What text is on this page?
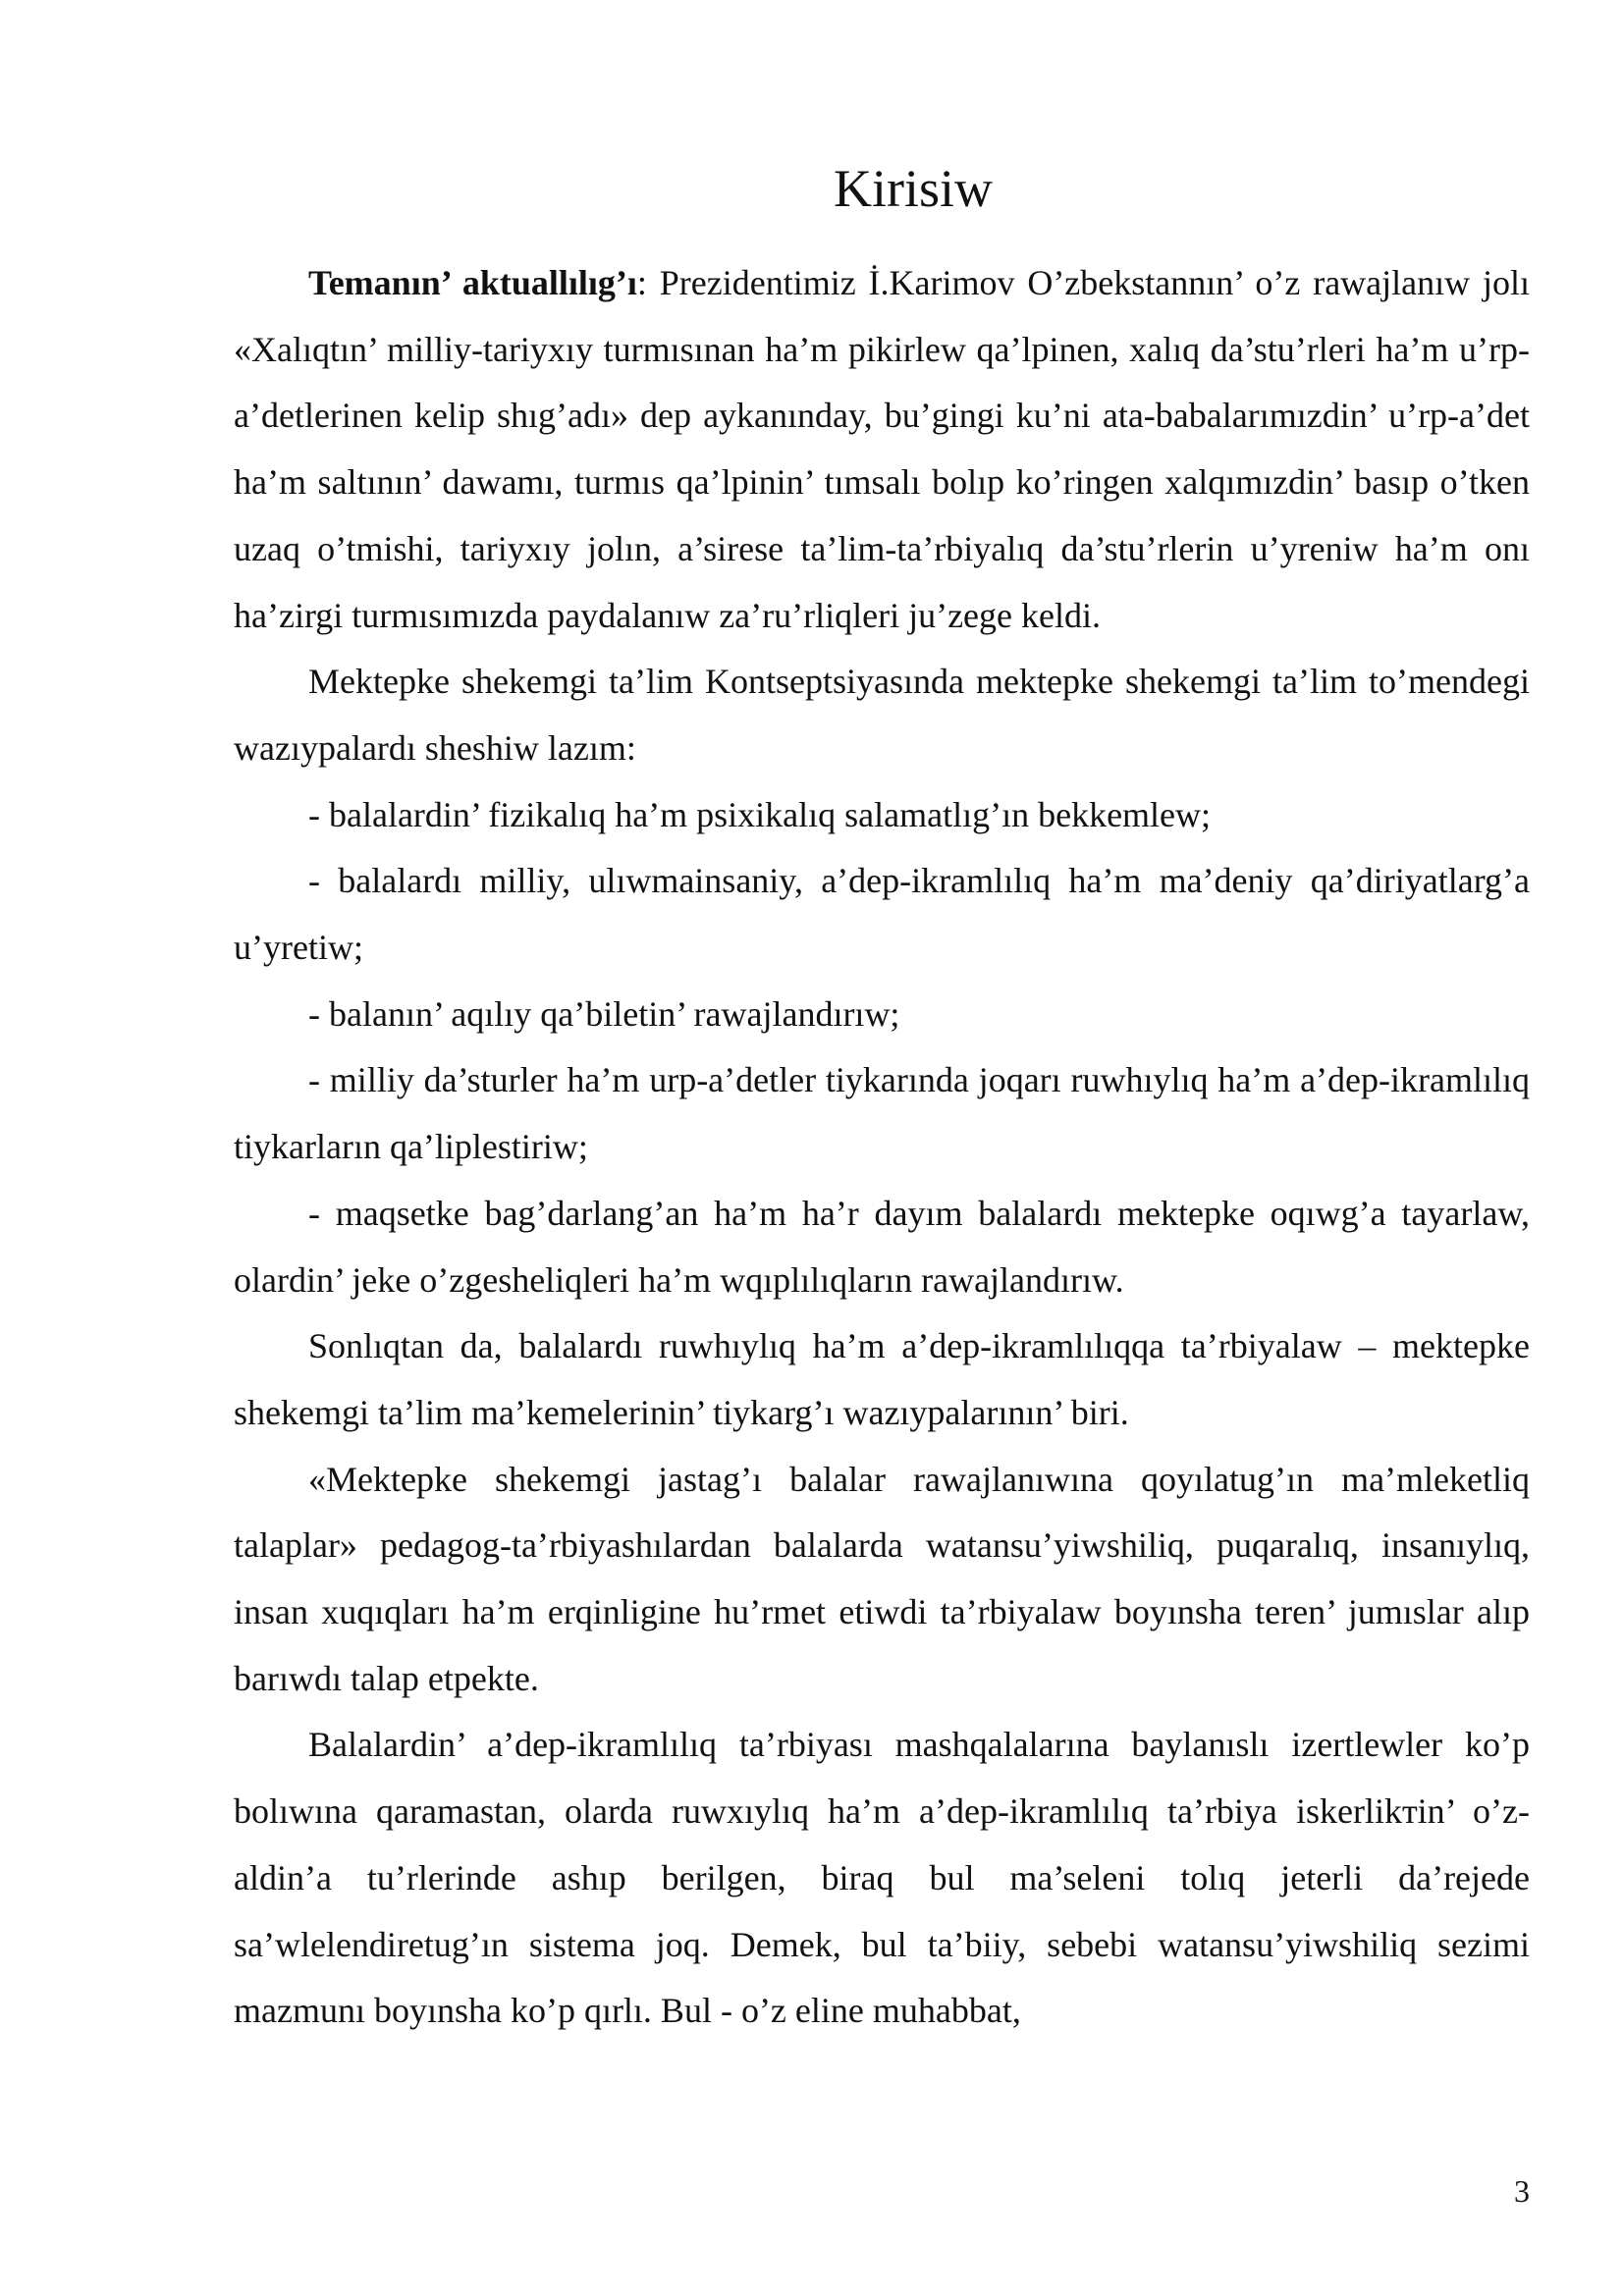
Kirisiw

Temanın’ aktuallılıg’ı: Prezidentimiz İ.Karimov O’zbekstannın’ o’z rawajlanıw jolı «Xalıqtın’ milliy-tariyxıy turmısınan ha’m pikirlew qa’lpinen, xalıq da’stu’rleri ha’m u’rp-a’detlerinen kelip shıg’adı» dep aykanınday, bu’gingi ku’ni ata-babalarımızdin’ u’rp-a’det ha’m saltının’ dawamı, turmıs qa’lpinin’ tımsalı bolıp ko’ringen xalqımızdin’ basıp o’tken uzaq o’tmishi, tariyxıy jolın, a’sirese ta’lim-ta’rbiyalıq da’stu’rlerin u’yreniw ha’m onı ha’zirgi turmısımızda paydalanıw za’ru’rliqleri ju’zege keldi.

Mektepke shekemgi ta’lim Kontseptsiyasında mektepke shekemgi ta’lim to’mendegi wazıypalardı sheshiw lazım:

- balalardin’ fizikalıq ha’m psixikalıq salamatlıg’ın bekkemlew;

- balalardı milliy, ulıwmainsaniy, a’dep-ikramlılıq ha’m ma’deniy qa’diriyatlarg’a u’yretiw;

- balanın’ aqılıy qa’biletin’ rawajlandırıw;

- milliy da’sturler ha’m urp-a’detler tiykarında joqarı ruwhıylıq ha’m a’dep-ikramlılıq tiykarların qa’liplestiriw;

- maqsetke bag’darlang’an ha’m ha’r dayım balalardı mektepke oqıwg’a tayarlaw, olardin’ jeke o’zgesheliqleri ha’m wqıplılıqların rawajlandırıw.

Sonlıqtan da, balalardı ruwhıylıq ha’m a’dep-ikramlılıqqa ta’rbiyalaw – mektepke shekemgi ta’lim ma’kemelerinin’ tiykarg’ı wazıypalarının’ biri.

«Mektepke shekemgi jastag’ı balalar rawajlanıwına qoyılatug’ın ma’mleketliq talaplar» pedagog-ta’rbiyashılardan balalarda watansu’yiwshiliq, puqaralıq, insanıylıq, insan xuqıqları ha’m erqinligine hu’rmet etiwdi ta’rbiyalaw boyınsha teren’ jumıslar alıp barıwdı talap etpekte.

Balalardin’ a’dep-ikramlılıq ta’rbiyası mashqalalarına baylanıslı izertlewler ko’p bolıwına qaramastan, olarda ruwxıylıq ha’m a’dep-ikramlılıq ta’rbiya iskerlikтin’ o’z-aldin’a tu’rlerinde ashıp berilgen, biraq bul ma’seleni tolıq jeterli da’rejede sa’wlelendiretug’ın sistema joq. Demek, bul ta’biiy, sebebi watansu’yiwshiliq sezimi mazmunı boyınsha ko’p qırlı. Bul - o’z eline muhabbat,

3
